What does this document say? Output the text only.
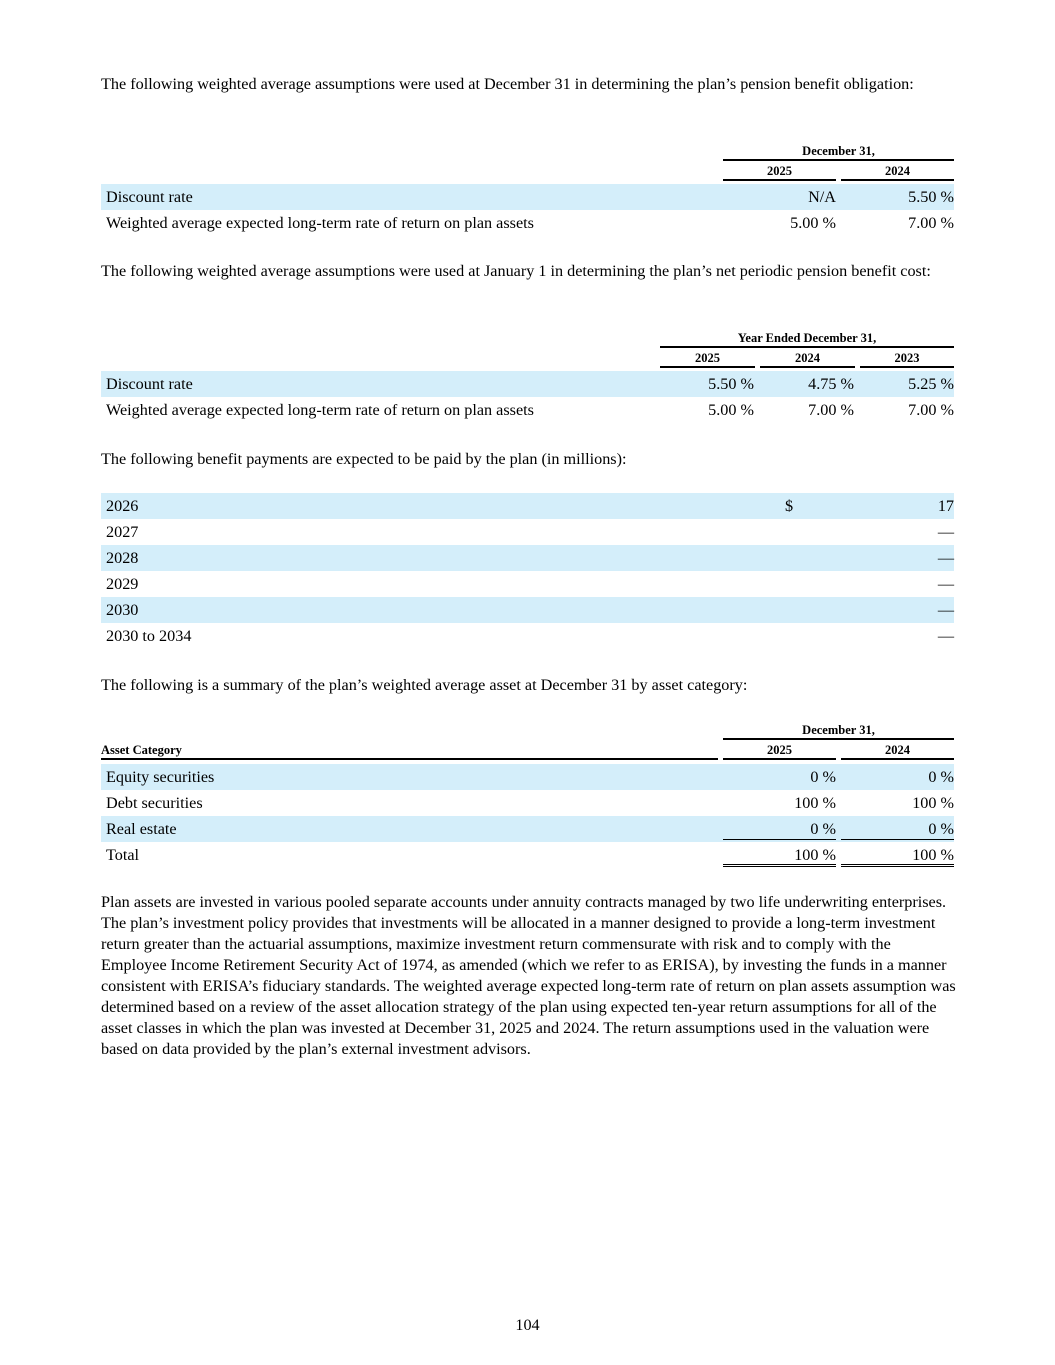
The following weighted average assumptions were used at December 31 in determining the plan’s pension benefit obligation:
December 31,
2025	2024
Discount rate	N/A	5.50 %
Weighted average expected long-term rate of return on plan assets	5.00 %	7.00 %
The following weighted average assumptions were used at January 1 in determining the plan’s net periodic pension benefit cost:
Year Ended December 31,
2025	2024	2023
Discount rate	5.50 %	4.75 %	5.25 %
Weighted average expected long-term rate of return on plan assets	5.00 %	7.00 %	7.00 %
The following benefit payments are expected to be paid by the plan (in millions):
2026	$	17
2027	—
2028	—
2029	—
2030	—
2030 to 2034	—
The following is a summary of the plan’s weighted average asset at December 31 by asset category:
December 31,
Asset Category	2025	2024
Equity securities	0 %	0 %
Debt securities	100 %	100 %
Real estate	0 %	0 %
Total	100 %	100 %
Plan assets are invested in various pooled separate accounts under annuity contracts managed by two life underwriting enterprises. The plan’s investment policy provides that investments will be allocated in a manner designed to provide a long-term investment return greater than the actuarial assumptions, maximize investment return commensurate with risk and to comply with the Employee Income Retirement Security Act of 1974, as amended (which we refer to as ERISA), by investing the funds in a manner consistent with ERISA’s fiduciary standards. The weighted average expected long-term rate of return on plan assets assumption was determined based on a review of the asset allocation strategy of the plan using expected ten-year return assumptions for all of the asset classes in which the plan was invested at December 31, 2025 and 2024. The return assumptions used in the valuation were based on data provided by the plan’s external investment advisors.
104
